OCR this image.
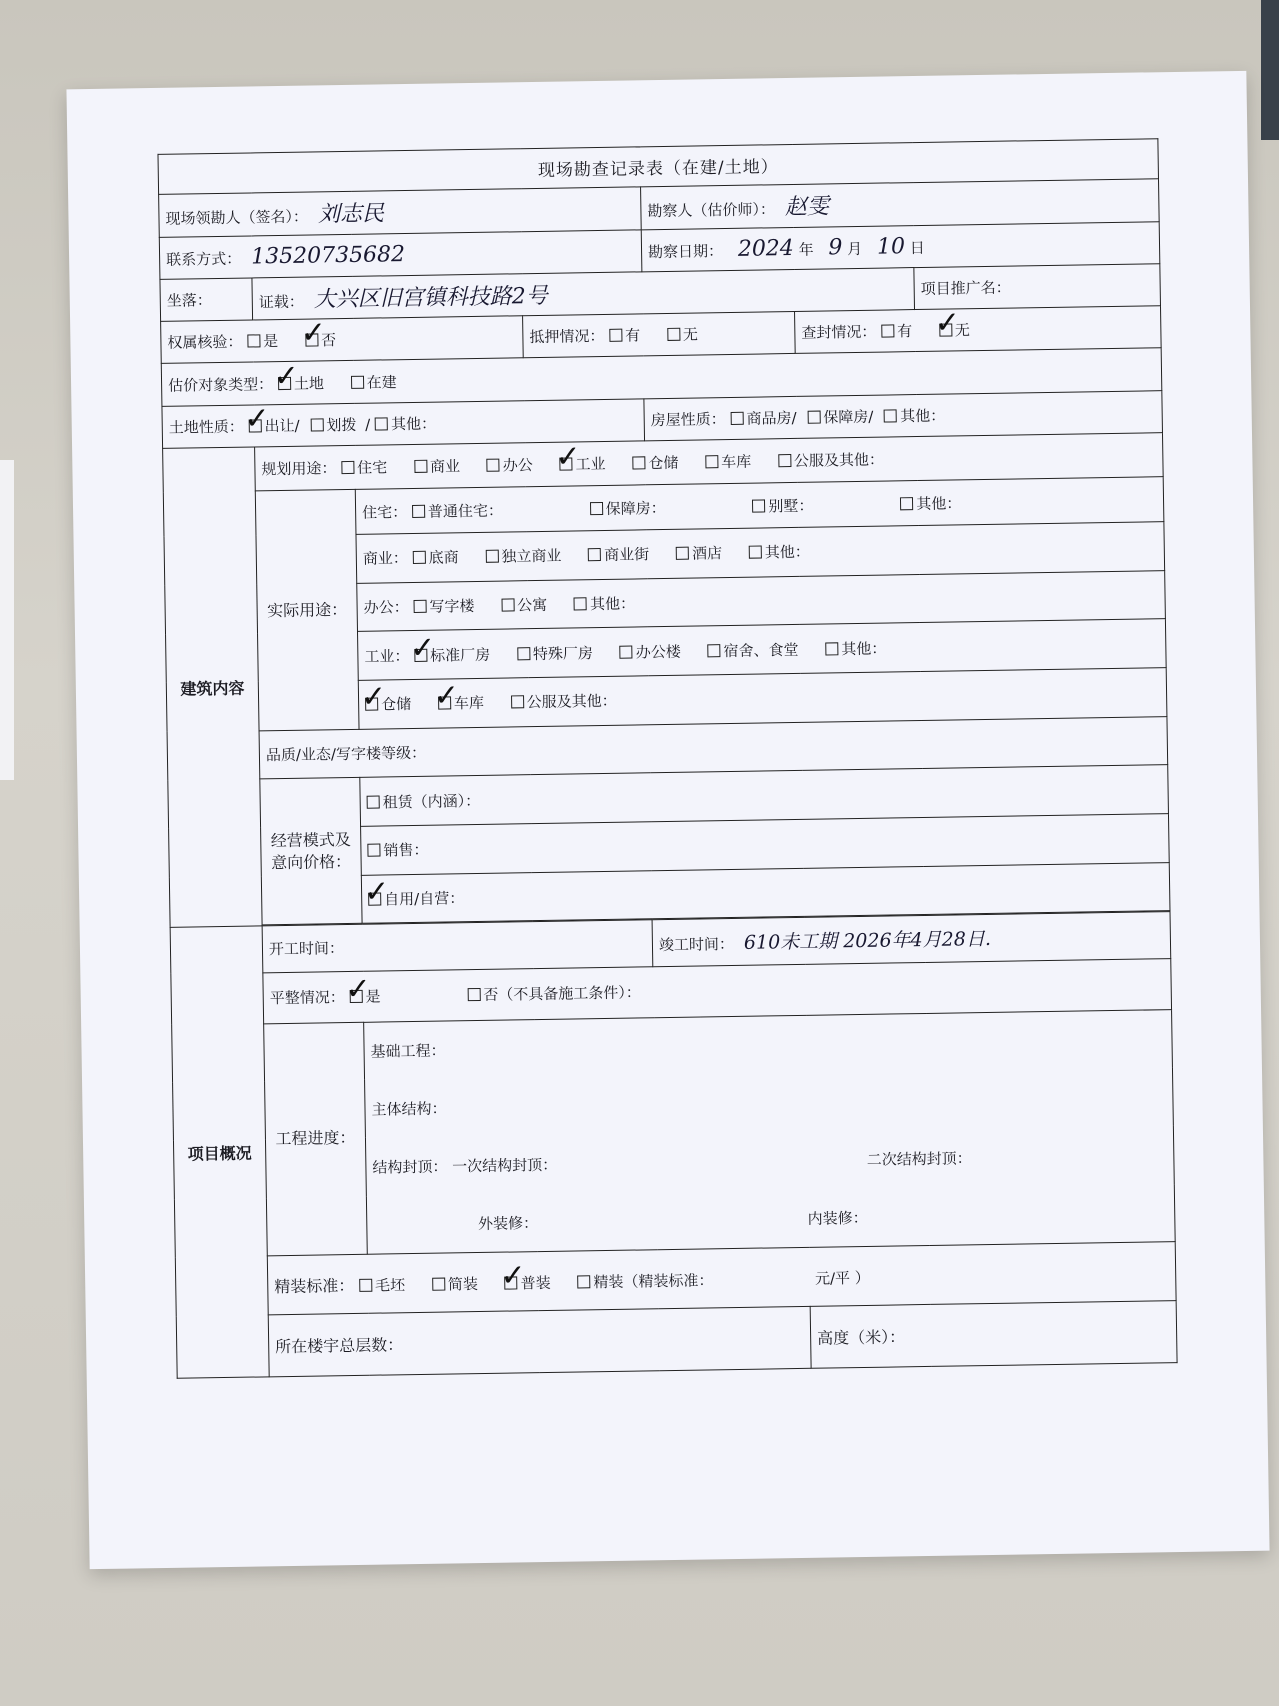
现场勘查记录表（在建/土地）						
现场领勘人（签名）： 刘志民				勘察人（估价师）： 赵雯		
联系方式： 13520735682				勘察日期： 2024 年 9 月 10 日		
坐落：	证载： 大兴区旧宫镇科技路2号					项目推广名：
权属核验： 是 否 ✓			抵押情况： 有 无		查封情况： 有 无 ✓
估价对象类型： 土地 ✓ 在建
土地性质： 出让/ ✓ 划拨 / 其他：				房屋性质： 商品房/ 保障房/ 其他：		
建筑内容	规划用途： 住宅 商业 办公 工业 ✓ 仓储 车库 公服及其他：
	实际用途：	住宅： 普通住宅： 保障房： 别墅： 其他：				
		商业： 底商 独立商业 商业街 酒店 其他：				
		办公： 写字楼 公寓 其他：				
		工业： 标准厂房 ✓ 特殊厂房 办公楼 宿舍、食堂 其他：
		仓储 ✓ 车库 ✓ 公服及其他：
	品质/业态/写字楼等级：					
	经营模式及意向价格：	租赁（内涵）：				
		销售：				
		自用/自营： ✓

项目概况	开工时间：			竣工时间： 610未工期 2026年4月28日.		
	平整情况： 是 ✓ 否（不具备施工条件）：
	工程进度：	基础工程：				
		主体结构：				
		结构封顶： 一次结构封顶： 二次结构封顶：				
		外装修： 内装修：				
	精装标准： 毛坯 简装 普装 ✓ 精装（精装标准： 元/平 ）
	所在楼宇总层数：				高度（米）：	
